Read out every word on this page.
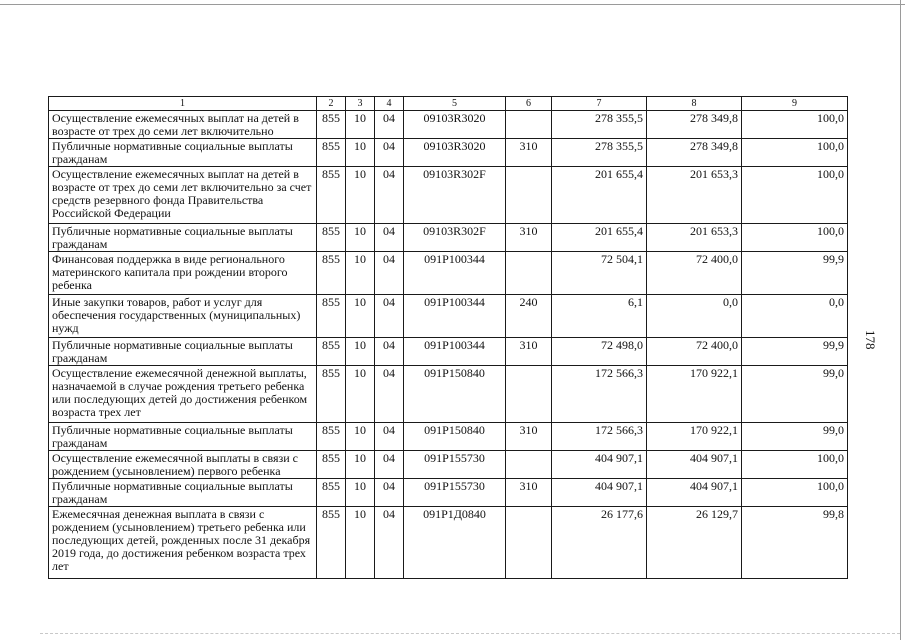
1	2	3	4	5	6	7	8	9
Осуществление ежемесячных выплат на детей в возрасте от трех до семи лет включительно	855	10	04	09103R3020		278 355,5	278 349,8	100,0
Публичные нормативные социальные выплаты гражданам	855	10	04	09103R3020	310	278 355,5	278 349,8	100,0
Осуществление ежемесячных выплат на детей в возрасте от трех до семи лет включительно за счет средств резервного фонда Правительства Российской Федерации	855	10	04	09103R302F		201 655,4	201 653,3	100,0
Публичные нормативные социальные выплаты гражданам	855	10	04	09103R302F	310	201 655,4	201 653,3	100,0
Финансовая поддержка в виде регионального материнского капитала при рождении второго ребенка	855	10	04	091P100344		72 504,1	72 400,0	99,9
Иные закупки товаров, работ и услуг для обеспечения государственных (муниципальных) нужд	855	10	04	091P100344	240	6,1	0,0	0,0
Публичные нормативные социальные выплаты гражданам	855	10	04	091P100344	310	72 498,0	72 400,0	99,9
Осуществление ежемесячной денежной выплаты, назначаемой в случае рождения третьего ребенка или последующих детей до достижения ребенком возраста трех лет	855	10	04	091P150840		172 566,3	170 922,1	99,0
Публичные нормативные социальные выплаты гражданам	855	10	04	091P150840	310	172 566,3	170 922,1	99,0
Осуществление ежемесячной выплаты в связи с рождением (усыновлением) первого ребенка	855	10	04	091P155730		404 907,1	404 907,1	100,0
Публичные нормативные социальные выплаты гражданам	855	10	04	091P155730	310	404 907,1	404 907,1	100,0
Ежемесячная денежная выплата в связи с рождением (усыновлением) третьего ребенка или последующих детей, рожденных после 31 декабря 2019 года, до достижения ребенком возраста трех лет	855	10	04	091P1Д0840		26 177,6	26 129,7	99,8
178
